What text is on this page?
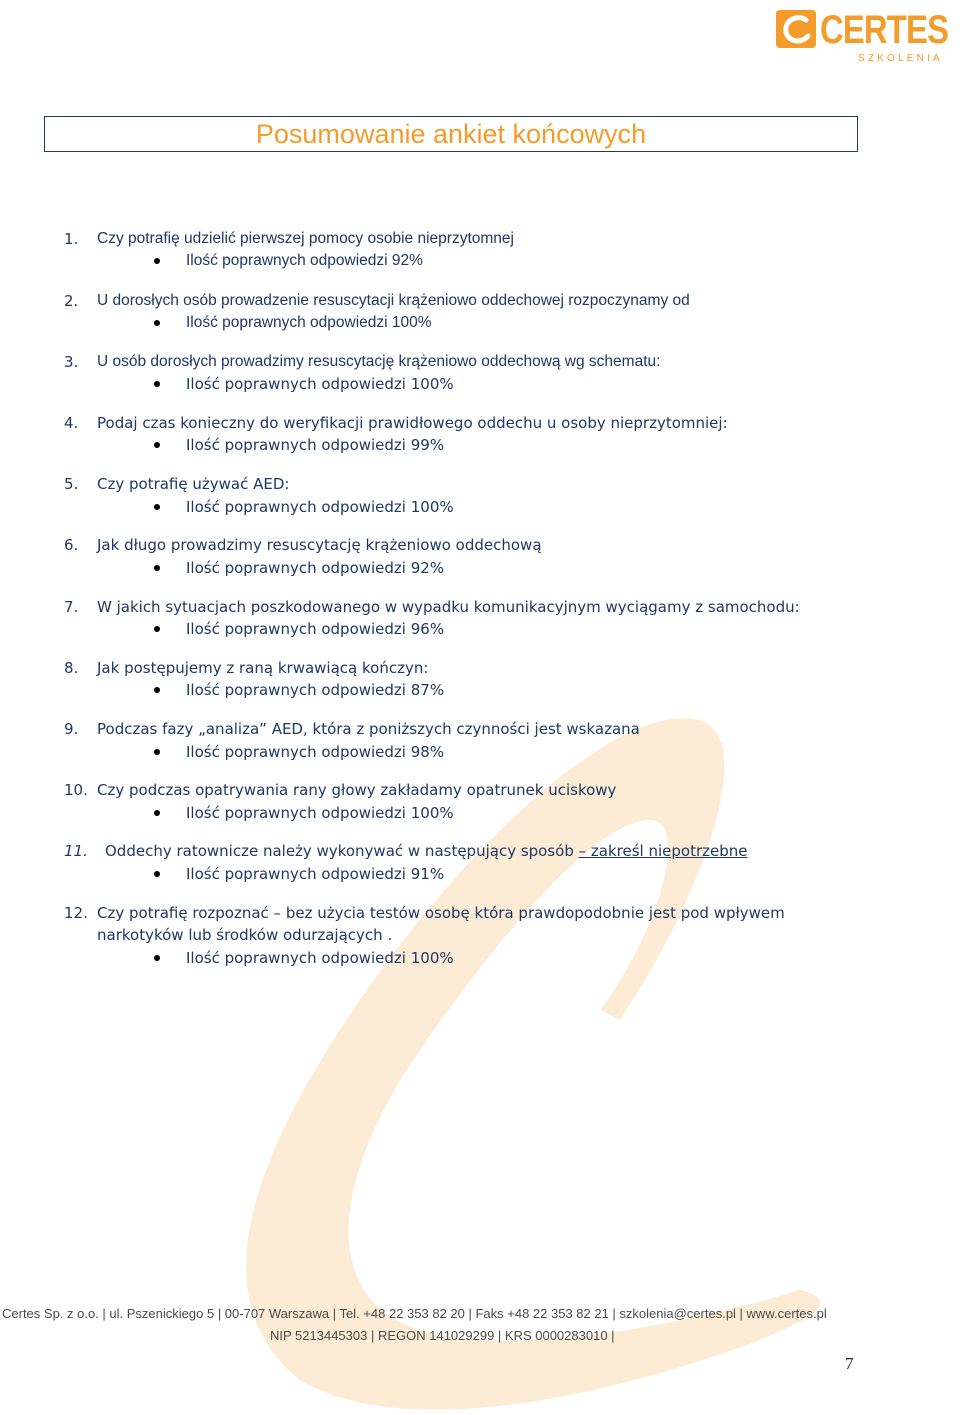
CERTES
SZKOLENIA
Posumowanie ankiet końcowych
1. Czy potrafię udzielić pierwszej pomocy osobie nieprzytomnej
Ilość poprawnych odpowiedzi 92%
2. U dorosłych osób prowadzenie resuscytacji krążeniowo oddechowej rozpoczynamy od
Ilość poprawnych odpowiedzi 100%
3. U osób dorosłych prowadzimy resuscytację krążeniowo oddechową wg schematu:
Ilość poprawnych odpowiedzi 100%
4. Podaj czas konieczny do weryfikacji prawidłowego oddechu u osoby nieprzytomniej:
Ilość poprawnych odpowiedzi 99%
5. Czy potrafię używać AED:
Ilość poprawnych odpowiedzi 100%
6. Jak długo prowadzimy resuscytację krążeniowo oddechową
Ilość poprawnych odpowiedzi 92%
7. W jakich sytuacjach poszkodowanego w wypadku komunikacyjnym wyciągamy z samochodu:
Ilość poprawnych odpowiedzi 96%
8. Jak postępujemy z raną krwawiącą kończyn:
Ilość poprawnych odpowiedzi 87%
9. Podczas fazy „analiza” AED, która z poniższych czynności jest wskazana
Ilość poprawnych odpowiedzi 98%
10. Czy podczas opatrywania rany głowy zakładamy opatrunek uciskowy
Ilość poprawnych odpowiedzi 100%
11. Oddechy ratownicze należy wykonywać w następujący sposób – zakreśl niepotrzebne
Ilość poprawnych odpowiedzi 91%
12. Czy potrafię rozpoznać – bez użycia testów osobę która prawdopodobnie jest pod wpływem
narkotyków lub środków odurzających .
Ilość poprawnych odpowiedzi 100%
Certes Sp. z o.o. | ul. Pszenickiego 5 | 00-707 Warszawa | Tel. +48 22 353 82 20 | Faks +48 22 353 82 21 | szkolenia@certes.pl | www.certes.pl
NIP 5213445303 | REGON 141029299 | KRS 0000283010 |
7
